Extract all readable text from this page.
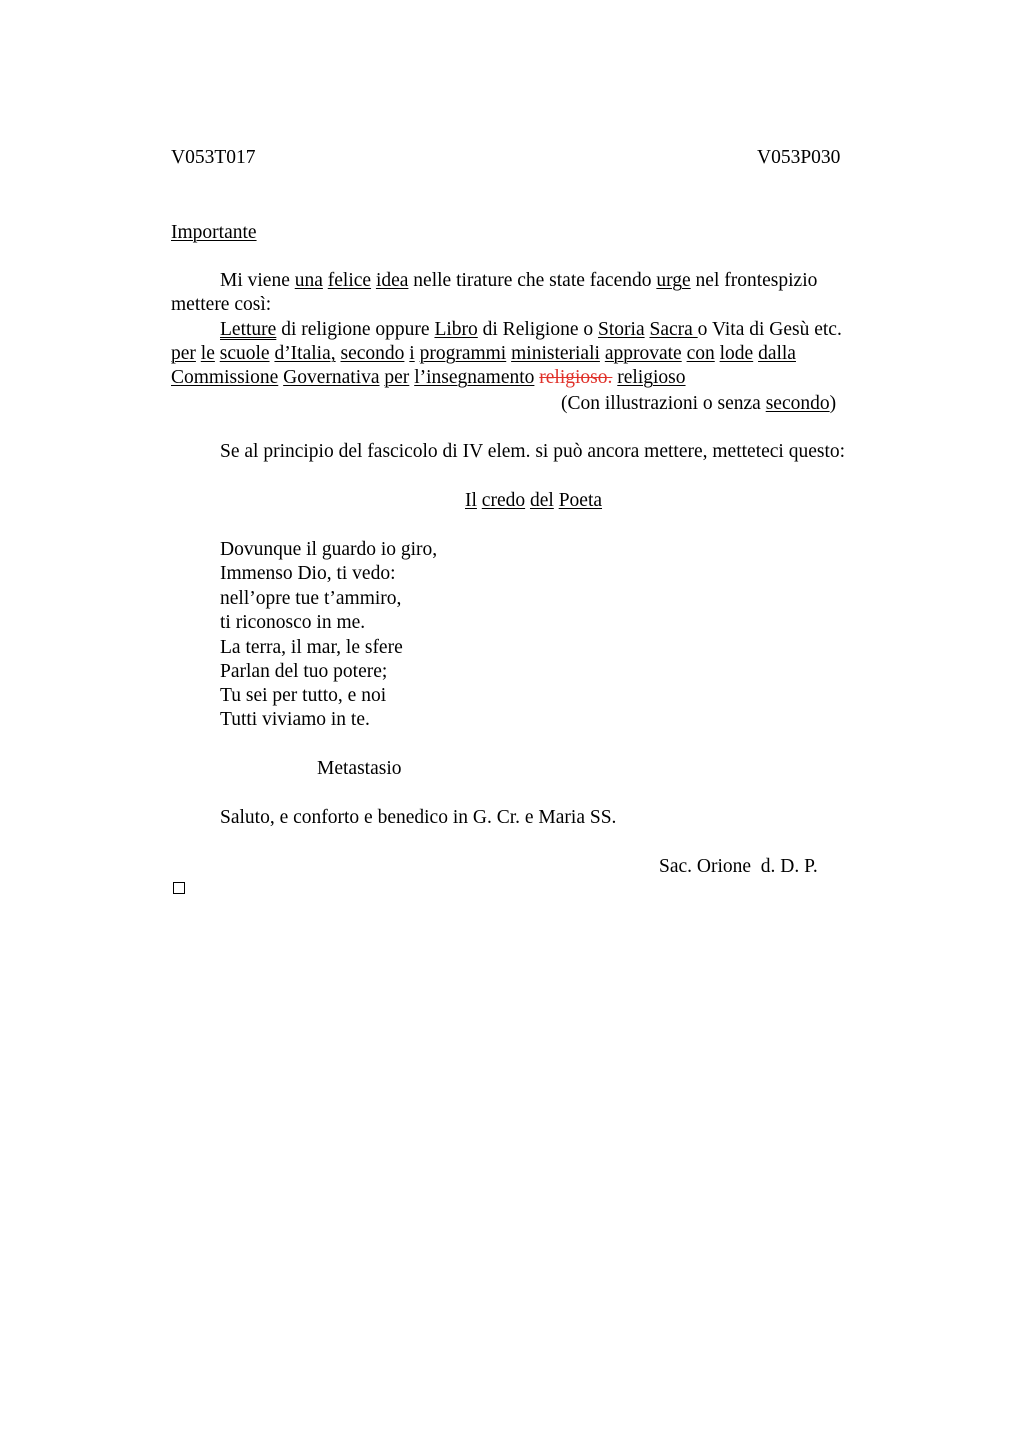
V053T017	V053P030
Importante
Mi viene una felice idea nelle tirature che state facendo urge nel frontespizio
mettere così:
Letture di religione oppure Libro di Religione o Storia Sacra o Vita di Gesù etc.
per le scuole d’Italia, secondo i programmi ministeriali approvate con lode dalla
Commissione Governativa per l’insegnamento religioso. religioso
(Con illustrazioni o senza secondo)
Se al principio del fascicolo di IV elem. si può ancora mettere, metteteci questo:
Il credo del Poeta
Dovunque il guardo io giro,
Immenso Dio, ti vedo:
nell’opre tue t’ammiro,
ti riconosco in me.
La terra, il mar, le sfere
Parlan del tuo potere;
Tu sei per tutto, e noi
Tutti viviamo in te.
Metastasio
Saluto, e conforto e benedico in G. Cr. e Maria SS.
Sac. Orione  d. D. P.
